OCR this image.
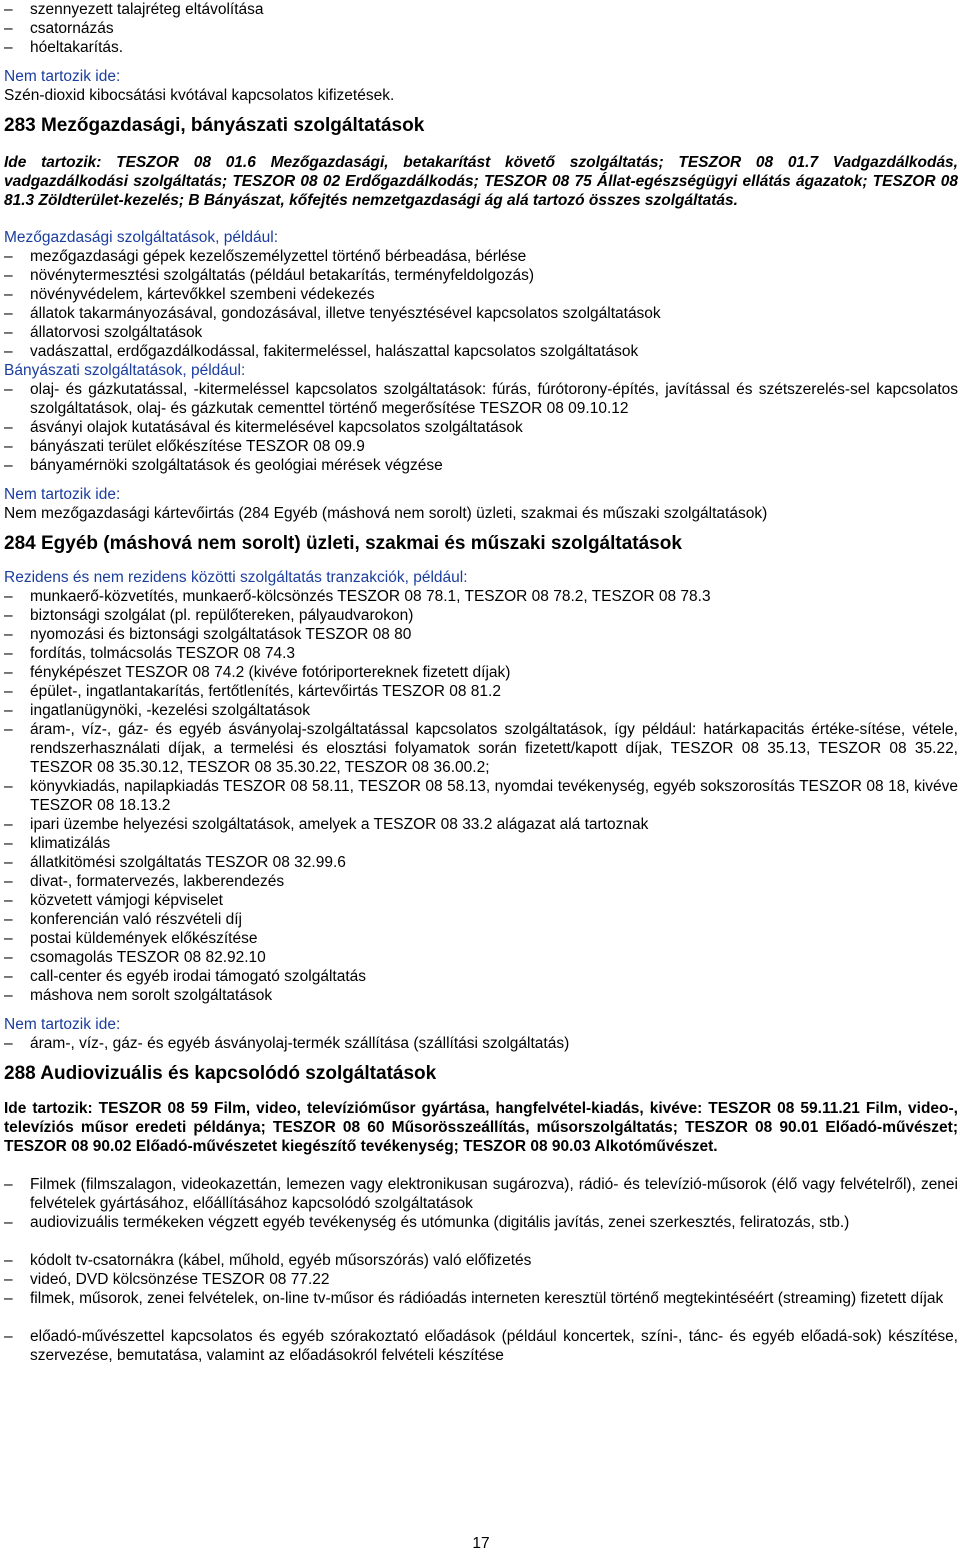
szennyezett talajréteg eltávolítása
csatornázás
hóeltakarítás.
Nem tartozik ide:
Szén-dioxid kibocsátási kvótával kapcsolatos kifizetések.
283 Mezőgazdasági, bányászati szolgáltatások
Ide tartozik: TESZOR 08 01.6 Mezőgazdasági, betakarítást követő szolgáltatás; TESZOR 08 01.7 Vadgazdálkodás, vadgazdálkodási szolgáltatás; TESZOR 08 02 Erdőgazdálkodás; TESZOR 08 75 Állat-egészségügyi ellátás ágazatok; TESZOR 08 81.3 Zöldterület-kezelés; B Bányászat, kőfejtés nemzetgazdasági ág alá tartozó összes szolgáltatás.
Mezőgazdasági szolgáltatások, például:
mezőgazdasági gépek kezelőszemélyzettel történő bérbeadása, bérlése
növénytermesztési szolgáltatás (például betakarítás, terményfeldolgozás)
növényvédelem, kártevőkkel szembeni védekezés
állatok takarmányozásával, gondozásával, illetve tenyésztésével kapcsolatos szolgáltatások
állatorvosi szolgáltatások
vadászattal, erdőgazdálkodással, fakitermeléssel, halászattal kapcsolatos szolgáltatások
Bányászati szolgáltatások, például:
olaj- és gázkutatással, -kitermeléssel kapcsolatos szolgáltatások: fúrás, fúrótorony-építés, javítással és szétszerelés-sel kapcsolatos szolgáltatások, olaj- és gázkutak cementtel történő megerősítése TESZOR 08 09.10.12
ásványi olajok kutatásával és kitermelésével kapcsolatos szolgáltatások
bányászati terület előkészítése TESZOR 08 09.9
bányamérnöki szolgáltatások és geológiai mérések végzése
Nem tartozik ide:
Nem mezőgazdasági kártevőirtás (284 Egyéb (máshová nem sorolt) üzleti, szakmai és műszaki szolgáltatások)
284 Egyéb (máshová nem sorolt) üzleti, szakmai és műszaki szolgáltatások
Rezidens és nem rezidens közötti szolgáltatás tranzakciók, például:
munkaerő-közvetítés, munkaerő-kölcsönzés TESZOR 08 78.1, TESZOR 08 78.2, TESZOR 08 78.3
biztonsági szolgálat (pl. repülőtereken, pályaudvarokon)
nyomozási és biztonsági szolgáltatások TESZOR 08 80
fordítás, tolmácsolás TESZOR 08 74.3
fényképészet TESZOR 08 74.2 (kivéve fotóriportereknek fizetett díjak)
épület-, ingatlantakarítás, fertőtlenítés, kártevőirtás TESZOR 08 81.2
ingatlanügynöki, -kezelési szolgáltatások
áram-, víz-, gáz- és egyéb ásványolaj-szolgáltatással kapcsolatos szolgáltatások, így például: határkapacitás értéke-sítése, vétele, rendszerhasználati díjak, a termelési és elosztási folyamatok során fizetett/kapott díjak, TESZOR 08 35.13, TESZOR 08 35.22, TESZOR 08 35.30.12, TESZOR 08 35.30.22, TESZOR 08 36.00.2;
könyvkiadás, napilapkiadás TESZOR 08 58.11, TESZOR 08 58.13, nyomdai tevékenység, egyéb sokszorosítás TESZOR 08 18, kivéve TESZOR 08 18.13.2
ipari üzembe helyezési szolgáltatások, amelyek a TESZOR 08 33.2 alágazat alá tartoznak
klimatizálás
állatkitömési szolgáltatás TESZOR 08 32.99.6
divat-, formatervezés, lakberendezés
közvetett vámjogi képviselet
konferencián való részvételi díj
postai küldemények előkészítése
csomagolás TESZOR 08 82.92.10
call-center és egyéb irodai támogató szolgáltatás
máshova nem sorolt szolgáltatások
Nem tartozik ide:
áram-, víz-, gáz- és egyéb ásványolaj-termék szállítása (szállítási szolgáltatás)
288 Audiovizuális és kapcsolódó szolgáltatások
Ide tartozik: TESZOR 08 59 Film, video, televízióműsor gyártása, hangfelvétel-kiadás, kivéve: TESZOR 08 59.11.21 Film, video-, televíziós műsor eredeti példánya; TESZOR 08 60 Műsorösszeállítás, műsorszolgáltatás; TESZOR 08 90.01 Előadó-művészet; TESZOR 08 90.02 Előadó-művészetet kiegészítő tevékenység; TESZOR 08 90.03 Alkotóművészet.
Filmek (filmszalagon, videokazettán, lemezen vagy elektronikusan sugározva), rádió- és televízió-műsorok (élő vagy felvételről), zenei felvételek gyártásához, előállításához kapcsolódó szolgáltatások
audiovizuális termékeken végzett egyéb tevékenység és utómunka (digitális javítás, zenei szerkesztés, feliratozás, stb.)
kódolt tv-csatornákra (kábel, műhold, egyéb műsorszórás) való előfizetés
videó, DVD kölcsönzése TESZOR 08 77.22
filmek, műsorok, zenei felvételek, on-line tv-műsor és rádióadás interneten keresztül történő megtekintéséért (streaming) fizetett díjak
előadó-művészettel kapcsolatos és egyéb szórakoztató előadások (például koncertek, színi-, tánc- és egyéb előadá-sok) készítése, szervezése, bemutatása, valamint az előadásokról felvételi készítése
17
